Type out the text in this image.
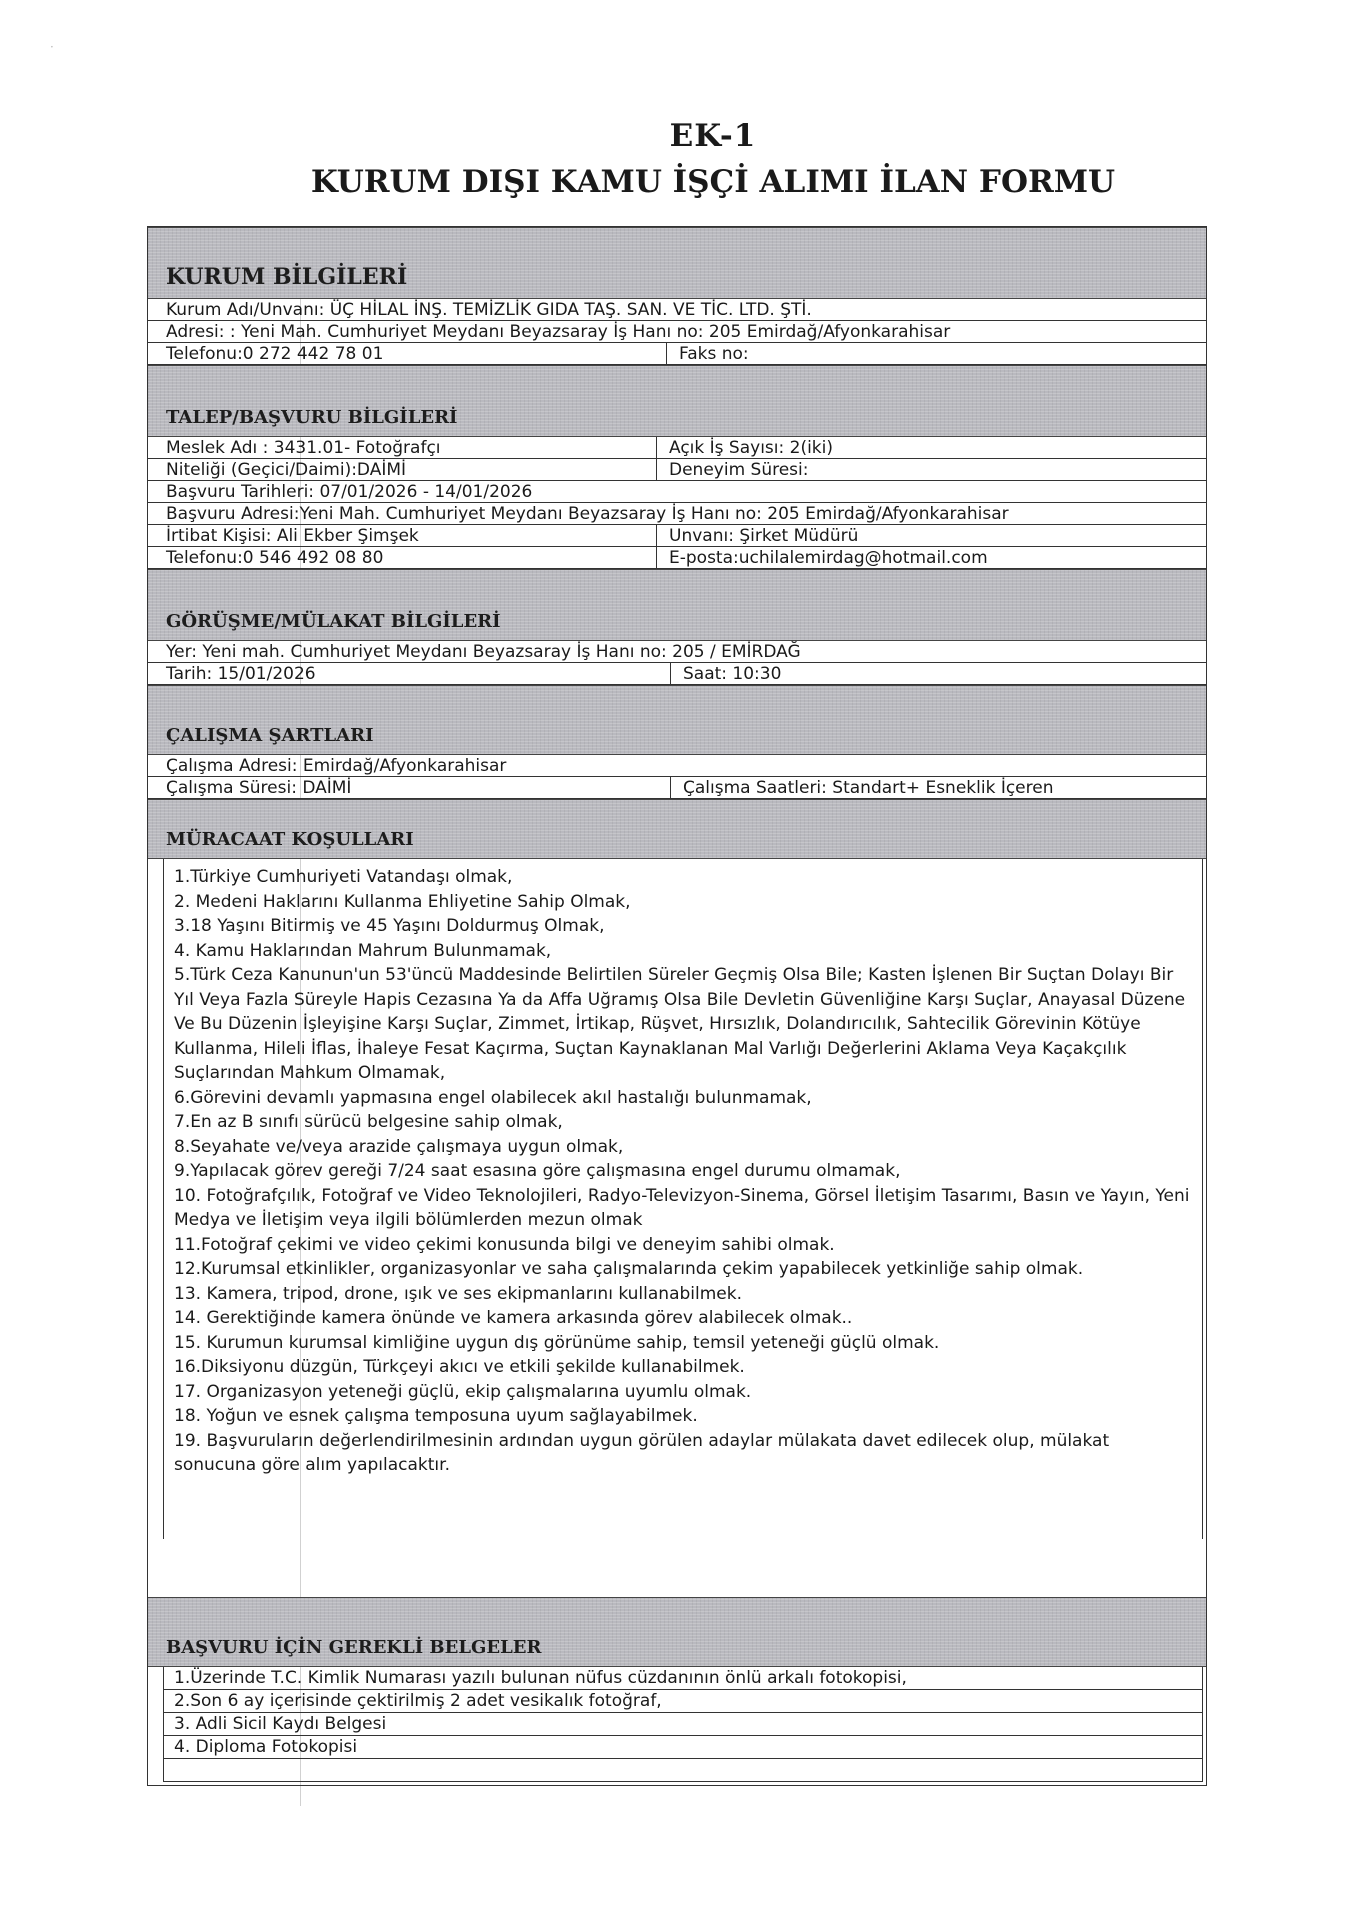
·
EK-1
KURUM DIŞI KAMU İŞÇİ ALIMI İLAN FORMU
KURUM BİLGİLERİ
Kurum Adı/Unvanı: ÜÇ HİLAL İNŞ. TEMİZLİK GIDA TAŞ. SAN. VE TİC. LTD. ŞTİ.
Adresi: : Yeni Mah. Cumhuriyet Meydanı Beyazsaray İş Hanı no: 205 Emirdağ/Afyonkarahisar
Telefonu:0 272 442 78 01	Faks no:
TALEP/BAŞVURU BİLGİLERİ
Meslek Adı : 3431.01- Fotoğrafçı	Açık İş Sayısı: 2(iki)
Niteliği (Geçici/Daimi):DAİMİ	Deneyim Süresi:
Başvuru Tarihleri: 07/01/2026 - 14/01/2026
Başvuru Adresi:Yeni Mah. Cumhuriyet Meydanı Beyazsaray İş Hanı no: 205 Emirdağ/Afyonkarahisar
İrtibat Kişisi: Ali Ekber Şimşek	Unvanı: Şirket Müdürü
Telefonu:0 546 492 08 80	E-posta:uchilalemirdag@hotmail.com
GÖRÜŞME/MÜLAKAT BİLGİLERİ
Yer: Yeni mah. Cumhuriyet Meydanı Beyazsaray İş Hanı no: 205 / EMİRDAĞ
Tarih: 15/01/2026	Saat: 10:30
ÇALIŞMA ŞARTLARI
Çalışma Adresi: Emirdağ/Afyonkarahisar
Çalışma Süresi: DAİMİ	Çalışma Saatleri: Standart+ Esneklik İçeren
MÜRACAAT KOŞULLARI

1.Türkiye Cumhuriyeti Vatandaşı olmak,

2. Medeni Haklarını Kullanma Ehliyetine Sahip Olmak,

3.18 Yaşını Bitirmiş ve 45 Yaşını Doldurmuş Olmak,

4. Kamu Haklarından Mahrum Bulunmamak,

5.Türk Ceza Kanunun'un 53'üncü Maddesinde Belirtilen Süreler Geçmiş Olsa Bile; Kasten İşlenen Bir Suçtan Dolayı Bir Yıl Veya Fazla Süreyle Hapis Cezasına Ya da Affa Uğramış Olsa Bile Devletin Güvenliğine Karşı Suçlar, Anayasal Düzene Ve Bu Düzenin İşleyişine Karşı Suçlar, Zimmet, İrtikap, Rüşvet, Hırsızlık, Dolandırıcılık, Sahtecilik Görevinin Kötüye Kullanma, Hileli İflas, İhaleye Fesat Kaçırma, Suçtan Kaynaklanan Mal Varlığı Değerlerini Aklama Veya Kaçakçılık Suçlarından Mahkum Olmamak,

6.Görevini devamlı yapmasına engel olabilecek akıl hastalığı bulunmamak,

7.En az B sınıfı sürücü belgesine sahip olmak,

8.Seyahate ve/veya arazide çalışmaya uygun olmak,

9.Yapılacak görev gereği 7/24 saat esasına göre çalışmasına engel durumu olmamak,

10. Fotoğrafçılık, Fotoğraf ve Video Teknolojileri, Radyo-Televizyon-Sinema, Görsel İletişim Tasarımı, Basın ve Yayın, Yeni Medya ve İletişim veya ilgili bölümlerden mezun olmak

11.Fotoğraf çekimi ve video çekimi konusunda bilgi ve deneyim sahibi olmak.

12.Kurumsal etkinlikler, organizasyonlar ve saha çalışmalarında çekim yapabilecek yetkinliğe sahip olmak.

13. Kamera, tripod, drone, ışık ve ses ekipmanlarını kullanabilmek.

14. Gerektiğinde kamera önünde ve kamera arkasında görev alabilecek olmak..

15. Kurumun kurumsal kimliğine uygun dış görünüme sahip, temsil yeteneği güçlü olmak.

16.Diksiyonu düzgün, Türkçeyi akıcı ve etkili şekilde kullanabilmek.

17. Organizasyon yeteneği güçlü, ekip çalışmalarına uyumlu olmak.

18. Yoğun ve esnek çalışma temposuna uyum sağlayabilmek.

19. Başvuruların değerlendirilmesinin ardından uygun görülen adaylar mülakata davet edilecek olup, mülakat sonucuna göre alım yapılacaktır.

BAŞVURU İÇİN GEREKLİ BELGELER
1.Üzerinde T.C. Kimlik Numarası yazılı bulunan nüfus cüzdanının önlü arkalı fotokopisi,
2.Son 6 ay içerisinde çektirilmiş 2 adet vesikalık fotoğraf,
3. Adli Sicil Kaydı Belgesi
4. Diploma Fotokopisi
